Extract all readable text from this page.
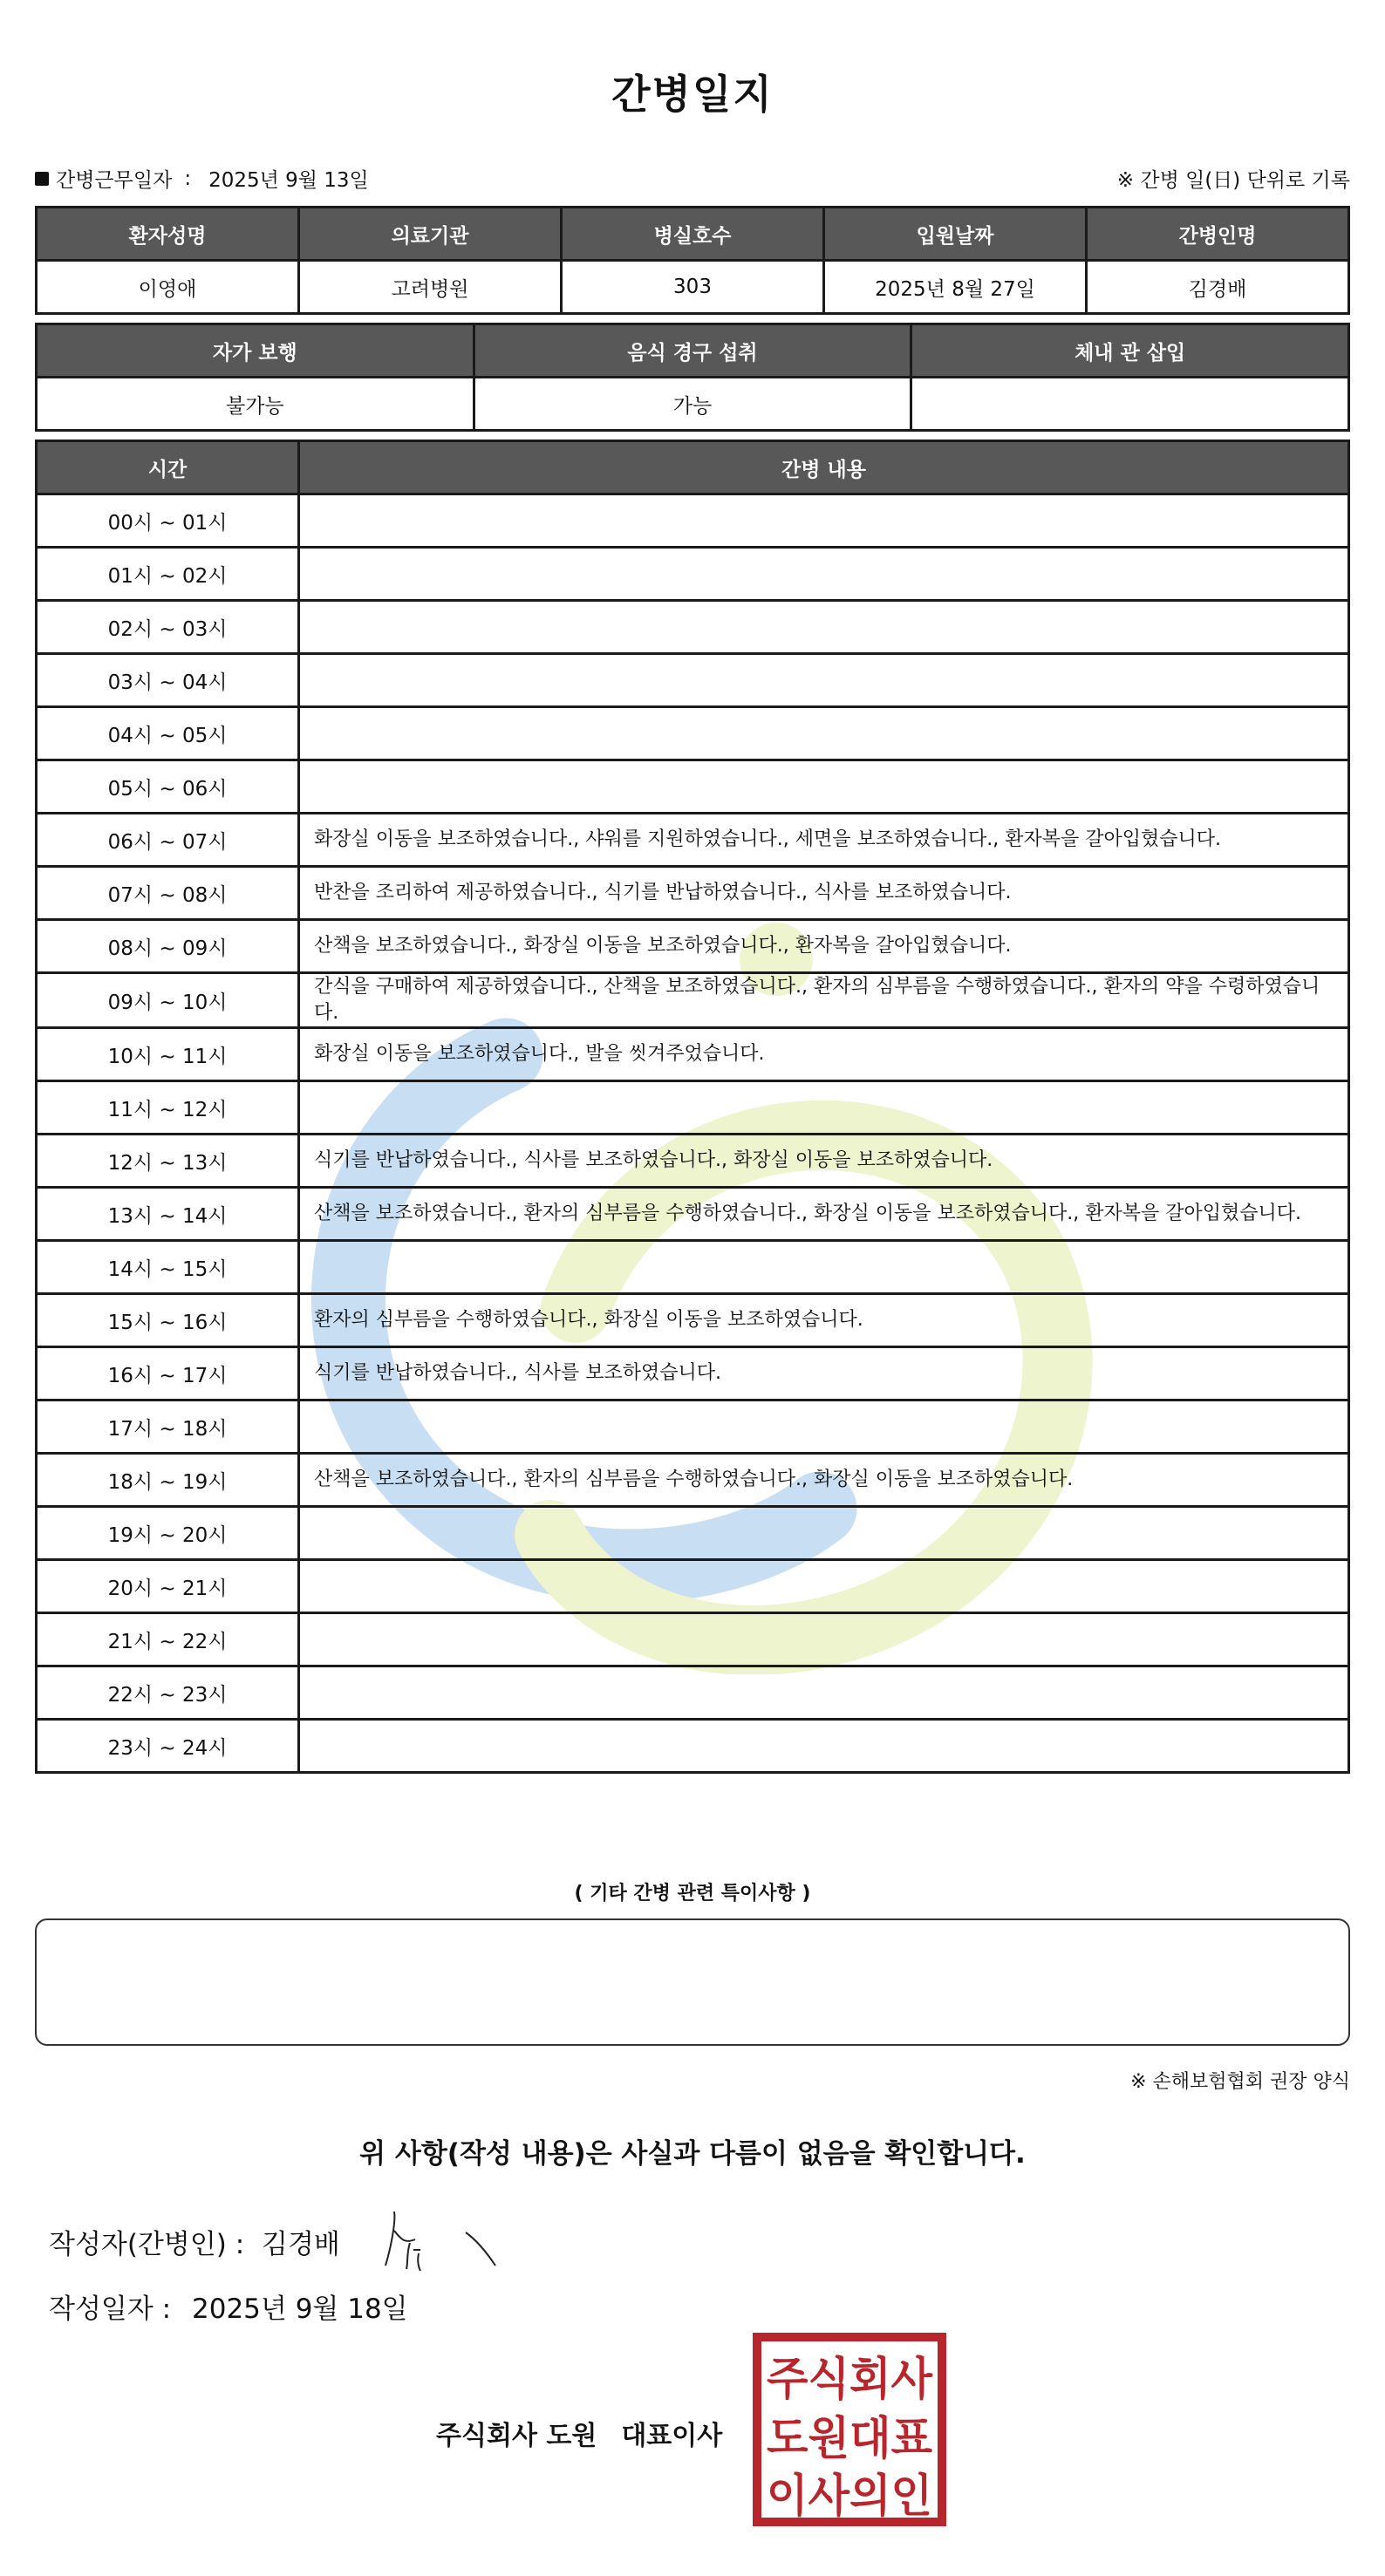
간병일지
간병근무일자 : 2025년 9월 13일	※ 간병 일(日) 단위로 기록
환자성명	의료기관	병실호수	입원날짜	간병인명
이영애	고려병원	303	2025년 8월 27일	김경배
자가 보행	음식 경구 섭취	체내 관 삽입
불가능	가능	
시간	간병 내용
00시 ~ 01시	
01시 ~ 02시	
02시 ~ 03시	
03시 ~ 04시	
04시 ~ 05시	
05시 ~ 06시	
06시 ~ 07시	화장실 이동을 보조하였습니다., 샤워를 지원하였습니다., 세면을 보조하였습니다., 환자복을 갈아입혔습니다.
07시 ~ 08시	반찬을 조리하여 제공하였습니다., 식기를 반납하였습니다., 식사를 보조하였습니다.
08시 ~ 09시	산책을 보조하였습니다., 화장실 이동을 보조하였습니다., 환자복을 갈아입혔습니다.
09시 ~ 10시	간식을 구매하여 제공하였습니다., 산책을 보조하였습니다., 환자의 심부름을 수행하였습니다., 환자의 약을 수령하였습니다.
10시 ~ 11시	화장실 이동을 보조하였습니다., 발을 씻겨주었습니다.
11시 ~ 12시	
12시 ~ 13시	식기를 반납하였습니다., 식사를 보조하였습니다., 화장실 이동을 보조하였습니다.
13시 ~ 14시	산책을 보조하였습니다., 환자의 심부름을 수행하였습니다., 화장실 이동을 보조하였습니다., 환자복을 갈아입혔습니다.
14시 ~ 15시	
15시 ~ 16시	환자의 심부름을 수행하였습니다., 화장실 이동을 보조하였습니다.
16시 ~ 17시	식기를 반납하였습니다., 식사를 보조하였습니다.
17시 ~ 18시	
18시 ~ 19시	산책을 보조하였습니다., 환자의 심부름을 수행하였습니다., 화장실 이동을 보조하였습니다.
19시 ~ 20시	
20시 ~ 21시	
21시 ~ 22시	
22시 ~ 23시	
23시 ~ 24시	
( 기타 간병 관련 특이사항 )
※ 손해보험협회 권장 양식
위 사항(작성 내용)은 사실과 다름이 없음을 확인합니다.
작성자(간병인) : 김경배
작성일자 : 2025년 9월 18일
주식회사 도원 대표이사
주식회사
도원대표
이사의인
